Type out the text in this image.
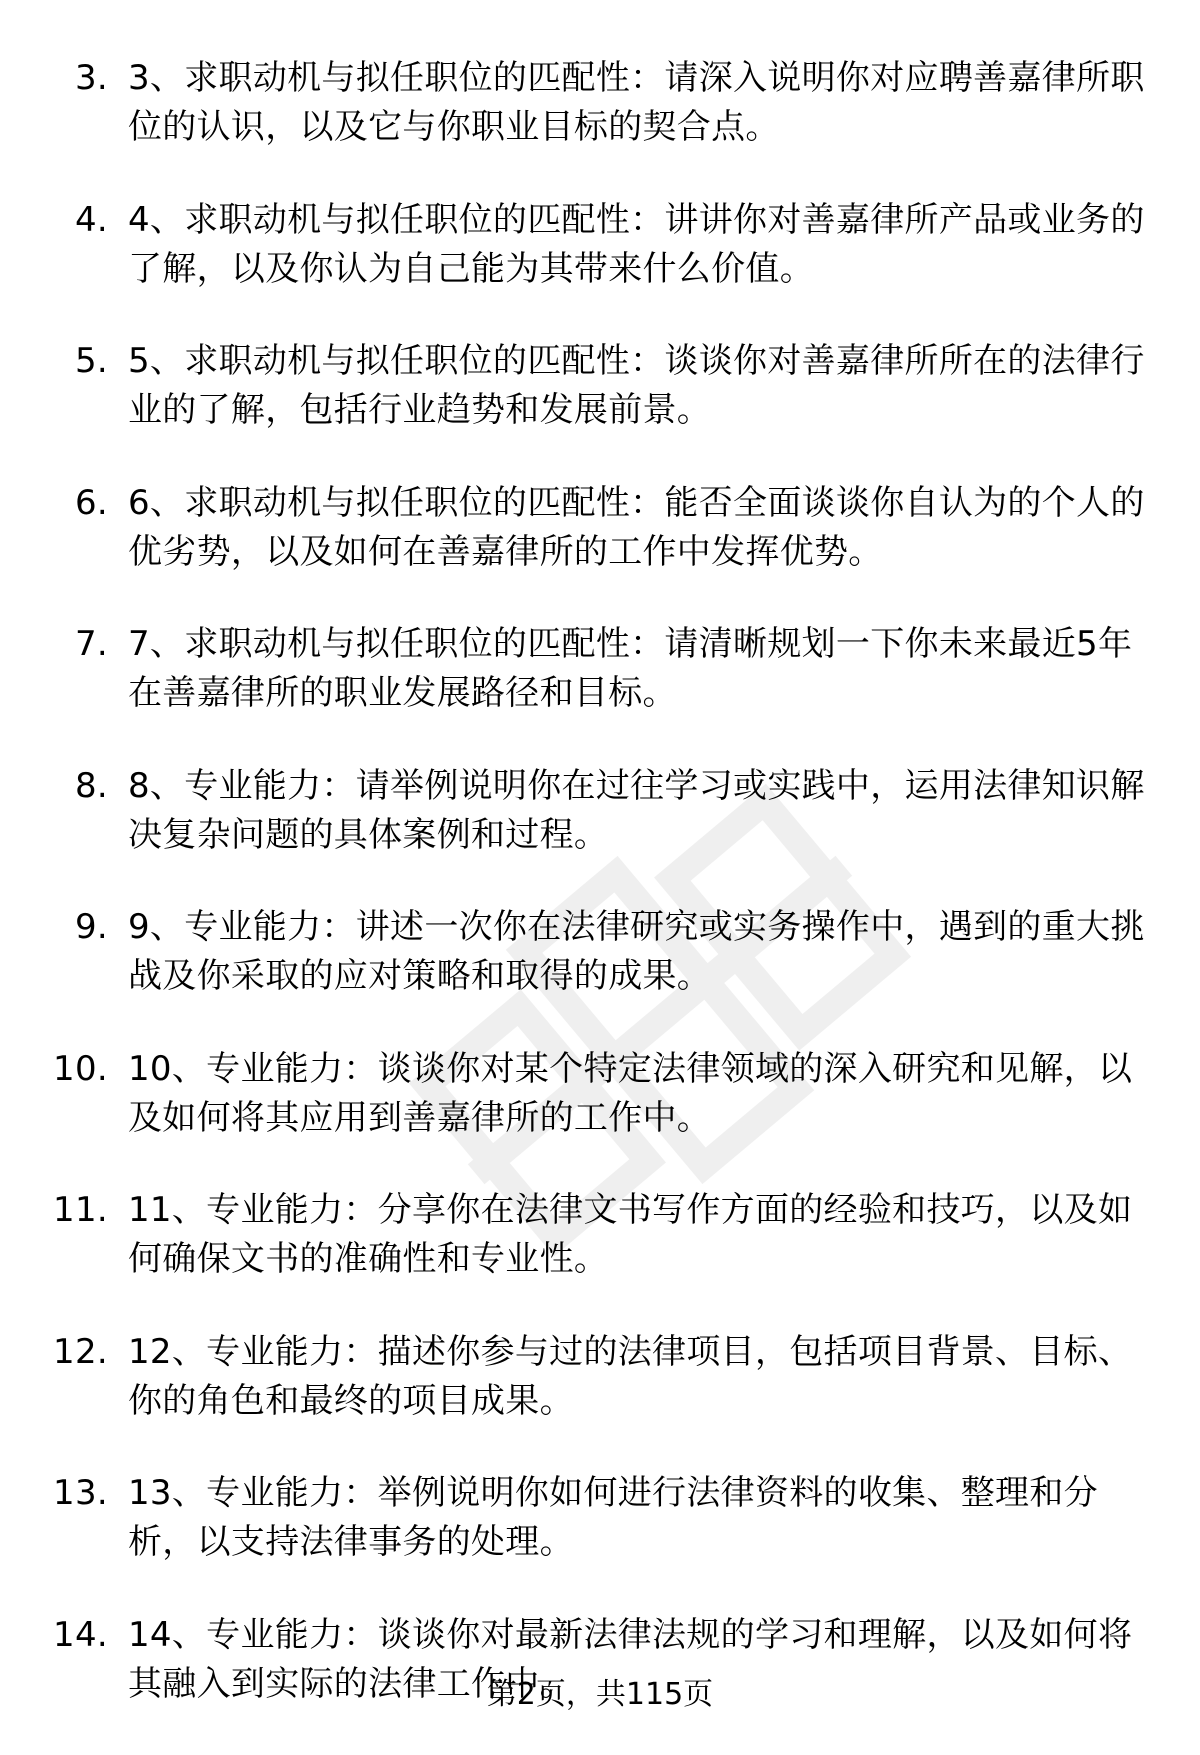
3. 3、求职动机与拟任职位的匹配性：请深入说明你对应聘善嘉律所职位的认识，以及它与你职业目标的契合点。
4. 4、求职动机与拟任职位的匹配性：讲讲你对善嘉律所产品或业务的了解，以及你认为自己能为其带来什么价值。
5. 5、求职动机与拟任职位的匹配性：谈谈你对善嘉律所所在的法律行业的了解，包括行业趋势和发展前景。
6. 6、求职动机与拟任职位的匹配性：能否全面谈谈你自认为的个人的优劣势，以及如何在善嘉律所的工作中发挥优势。
7. 7、求职动机与拟任职位的匹配性：请清晰规划一下你未来最近5年在善嘉律所的职业发展路径和目标。
8. 8、专业能力：请举例说明你在过往学习或实践中，运用法律知识解决复杂问题的具体案例和过程。
9. 9、专业能力：讲述一次你在法律研究或实务操作中，遇到的重大挑战及你采取的应对策略和取得的成果。
10. 10、专业能力：谈谈你对某个特定法律领域的深入研究和见解，以及如何将其应用到善嘉律所的工作中。
11. 11、专业能力：分享你在法律文书写作方面的经验和技巧，以及如何确保文书的准确性和专业性。
12. 12、专业能力：描述你参与过的法律项目，包括项目背景、目标、你的角色和最终的项目成果。
13. 13、专业能力：举例说明你如何进行法律资料的收集、整理和分析，以支持法律事务的处理。
14. 14、专业能力：谈谈你对最新法律法规的学习和理解，以及如何将其融入到实际的法律工作中。
第2页，共115页
